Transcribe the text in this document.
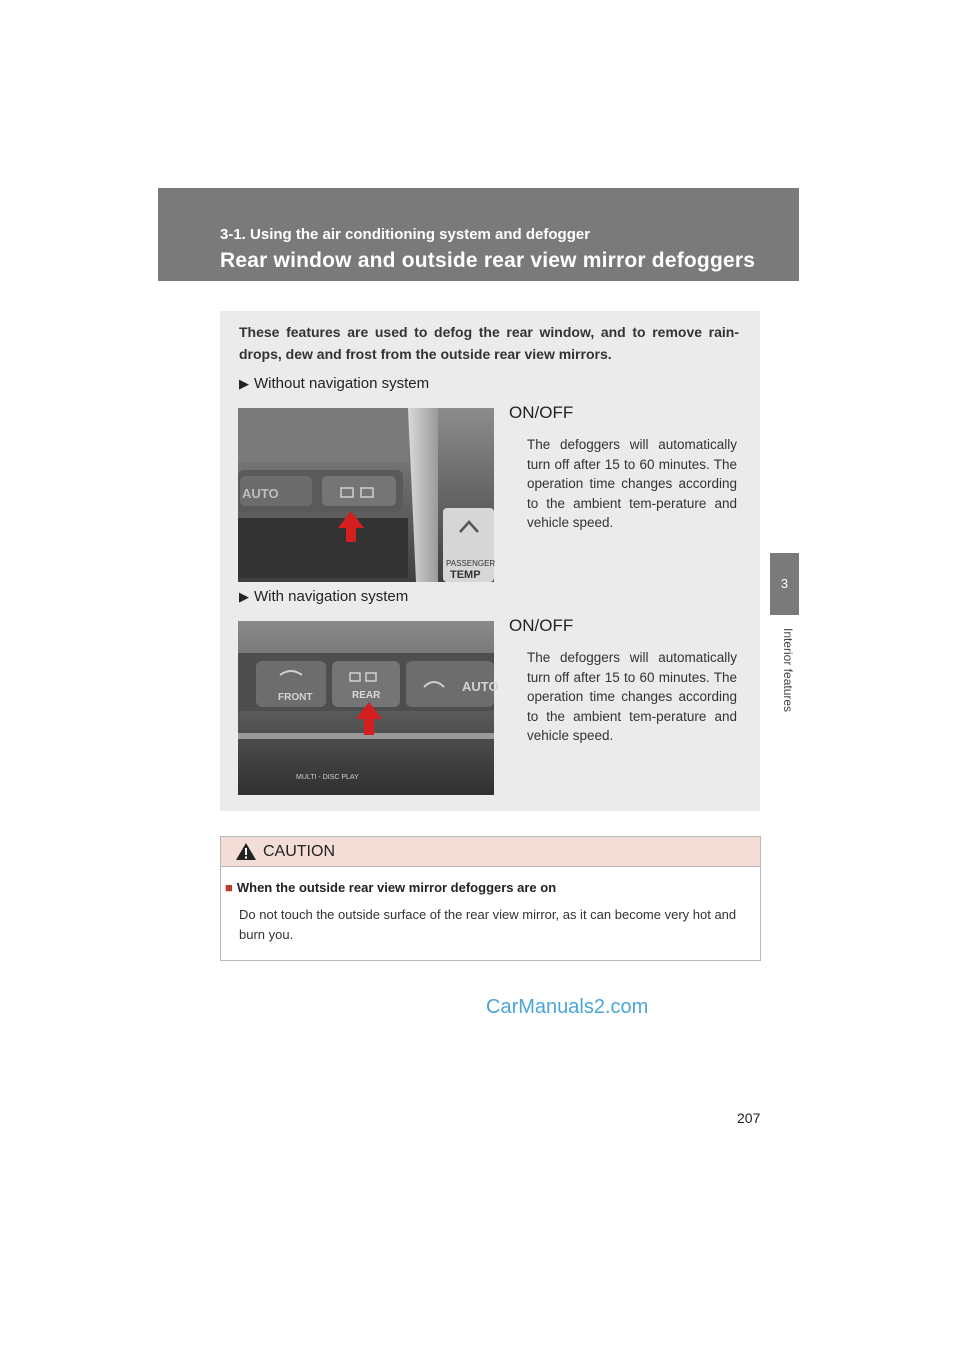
3-1. Using the air conditioning system and defogger
Rear window and outside rear view mirror defoggers
3
Interior features
These features are used to defog the rear window, and to remove rain-drops, dew and frost from the outside rear view mirrors.
▶ Without navigation system
AUTO
PASSENGER
TEMP
ON/OFF
The defoggers will automatically turn off after 15 to 60 minutes. The operation time changes according to the ambient tem-perature and vehicle speed.
▶ With navigation system
FRONT	REAR
AUTO
MULTI - DISC PLAY
ON/OFF
The defoggers will automatically turn off after 15 to 60 minutes. The operation time changes according to the ambient tem-perature and vehicle speed.
CAUTION
■ When the outside rear view mirror defoggers are on
Do not touch the outside surface of the rear view mirror, as it can become very hot and burn you.
CarManuals2.com
207
